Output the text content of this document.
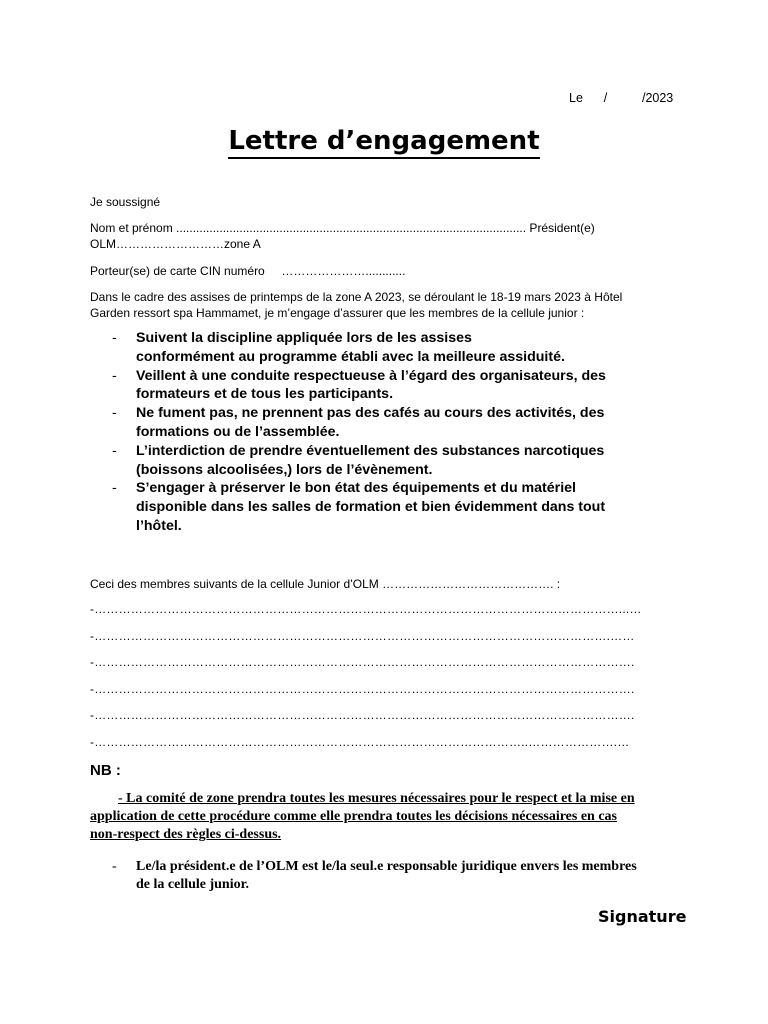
Le /	/2023
Lettre d’engagement
Je soussigné
Nom et prénom ......................................................................................................... Président(e)
OLM………………………zone A
Porteur(se) de carte CIN numéro     …………………............
Dans le cadre des assises de printemps de la zone A 2023, se déroulant le 18-19 mars 2023 à Hôtel
Garden ressort spa Hammamet, je m’engage d’assurer que les membres de la cellule junior :
- Suivent la discipline appliquée lors de les assises
conformément au programme établi avec la meilleure assiduité.
- Veillent à une conduite respectueuse à l’égard des organisateurs, des
formateurs et de tous les participants.
- Ne fument pas, ne prennent pas des cafés au cours des activités, des
formations ou de l’assemblée.
- L’interdiction de prendre éventuellement des substances narcotiques
(boissons alcoolisées,) lors de l’évènement.
- S’engager à préserver le bon état des équipements et du matériel
disponible dans les salles de formation et bien évidemment dans tout
l’hôtel.
Ceci des membres suivants de la cellule Junior d’OLM ……………………………………. :
-…………………………………………………………………………………………………………………...…
-……………………………………………………………………………………………………………….……
-…………………………………………………………………………………………………………………….
-…………………………………………………………………………………………………………………….
-…………………………………………………………………………………………………………………….
-……………………………………………………………………………………………..………………….…
NB :
- La comité de zone prendra toutes les mesures nécessaires pour le respect et la mise en
application de cette procédure comme elle prendra toutes les décisions nécessaires en cas
non-respect des règles ci-dessus.
- Le/la président.e de l’OLM est le/la seul.e responsable juridique envers les membres
de la cellule junior.
Signature
